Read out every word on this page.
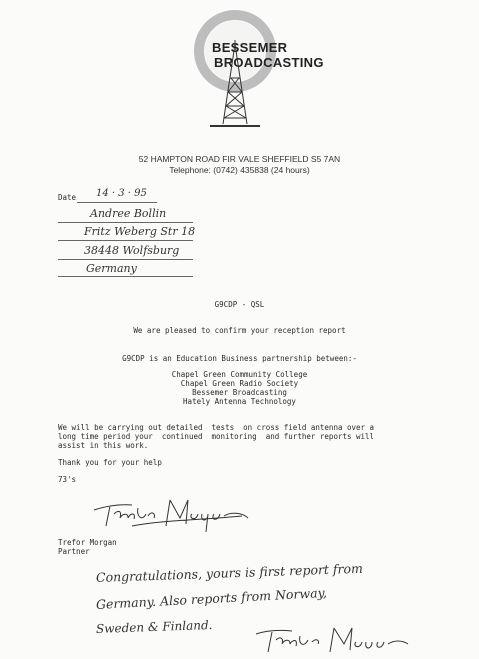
BESSEMER
BROADCASTING
52 HAMPTON ROAD FIR VALE SHEFFIELD S5 7AN
Telephone: (0742) 435838 (24 hours)
Date 14 · 3 · 95
Andree Bollin
Fritz Weberg Str 18
38448 Wolfsburg
Germany
G9CDP - QSL
We are pleased to confirm your reception report
G9CDP is an Education Business partnership between:-
Chapel Green Community College
Chapel Green Radio Society
Bessemer Broadcasting
Hately Antenna Technology
We will be carrying out detailed  tests  on cross field antenna over a
long time period your  continued  monitoring  and further reports will
assist in this work.
Thank you for your help
73's
Trefor Morgan
Partner
Congratulations, yours is first report from
Germany. Also reports from Norway,
Sweden & Finland.
